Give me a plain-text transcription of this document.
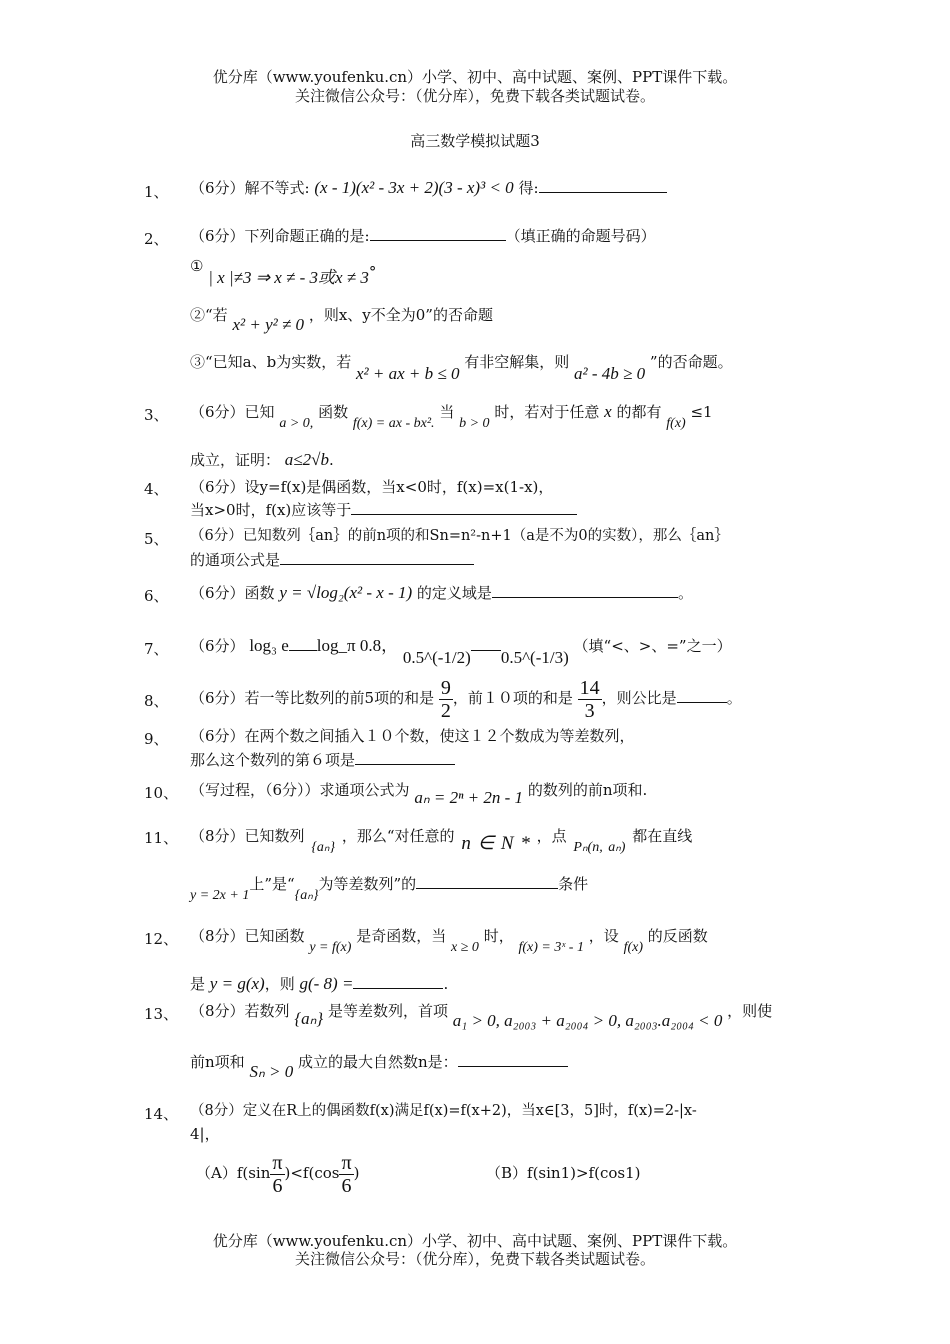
优分库（www.youfenku.cn）小学、初中、高中试题、案例、PPT课件下载。
关注微信公众号：（优分库），免费下载各类试题试卷。
高三数学模拟试题3
1、 （6分）解不等式: (x - 1)(x² - 3x + 2)(3 - x)³ < 0 得:
2、 （6分）下列命题正确的是:	（填正确的命题号码）
① | x |≠3 ⇒ x ≠ - 3或x ≠ 3°
②“若 x² + y² ≠ 0 ，则x、y不全为0”的否命题
③“已知a、b为实数，若 x² + ax + b ≤ 0 有非空解集，则 a² - 4b ≥ 0 ”的否命题。
3、 （6分）已知 a > 0, 函数 f(x) = ax - bx². 当 b > 0 时，若对于任意 x 的都有 f(x) ≤1
成立，证明： a≤2√b.
4、 （6分）设y=f(x)是偶函数，当x<0时，f(x)=x(1-x)，
当x>0时，f(x)应该等于
5、 （6分）已知数列｛an｝的前n项的和Sn=n²-n+1（a是不为0的实数），那么｛an｝
的通项公式是
6、 （6分）函数 y = √log₂(x² - x - 1) 的定义域是	。
7、 （6分） log₃ e log_π 0.8， 0.5^(-1/2) 0.5^(-1/3) （填“<、>、=”之一）
8、 （6分）若一等比数列的前5项的和是 $\frac{9}{2}$ ，前１０项的和是 $\frac{14}{3}$ ，则公比是	。
9、 （6分）在两个数之间插入１０个数，使这１２个数成为等差数列，
那么这个数列的第６项是
10、 （写过程，（6分））求通项公式为 aₙ = 2ⁿ + 2n - 1 的数列的前n项和.
11、 （8分）已知数列 {aₙ} ，那么“对任意的 n ∈ N * ，点 Pₙ(n, aₙ) 都在直线
y = 2x + 1上”是“{aₙ}为等差数列”的	条件
12、 （8分）已知函数 y = f(x) 是奇函数，当 x ≥ 0 时， f(x) = 3ˣ - 1 ，设 f(x) 的反函数
是 y = g(x)，则 g(- 8) =	.
13、 （8分）若数列 {aₙ} 是等差数列，首项 a₁ > 0, a₂₀₀₃ + a₂₀₀₄ > 0, a₂₀₀₃.a₂₀₀₄ < 0 ，则使
前n项和 Sₙ > 0 成立的最大自然数n是：
14、 （8分）定义在R上的偶函数f(x)满足f(x)=f(x+2)，当x∈[3，5]时，f(x)=2-|x-
4|，
$(A)f(\sin \frac{\pi}{6} )<f(\cos \frac{\pi}{6}$ )	（B）f(sin1)>f(cos1)
优分库（www.youfenku.cn）小学、初中、高中试题、案例、PPT课件下载。
关注微信公众号：（优分库），免费下载各类试题试卷。
